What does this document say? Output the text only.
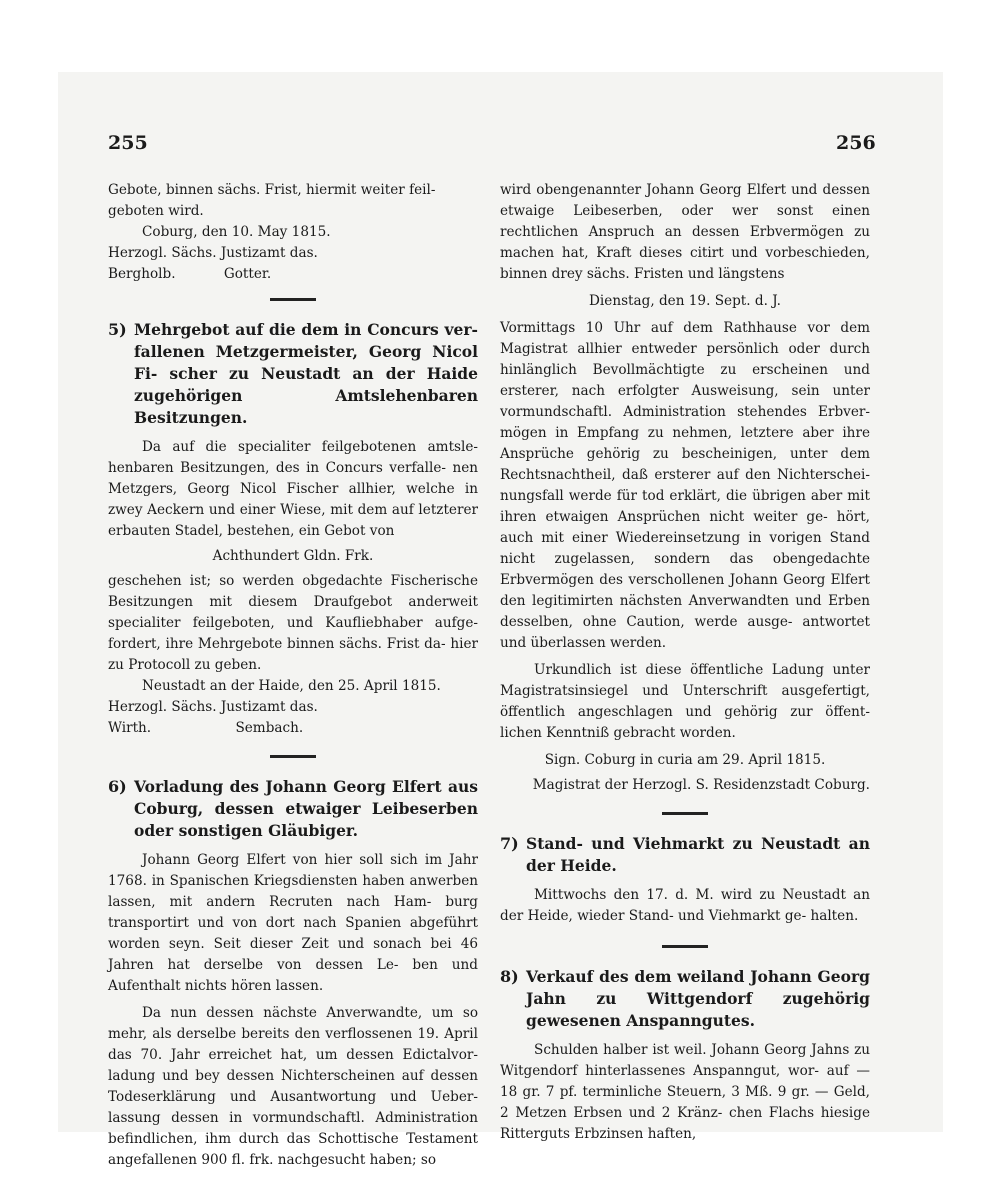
255	256

Gebote, binnen sächs. Frist, hiermit weiter feil-

geboten wird.

Coburg, den 10. May 1815.

Herzogl. Sächs. Justizamt das.

Bergholb.	Gotter.

5) Mehrgebot auf die dem in Concurs ver- fallenen Metzgermeister, Georg Nicol Fi- scher zu Neustadt an der Haide zugehörigen Amtslehenbaren Besitzungen.

Da auf die specialiter feilgebotenen amtsle- henbaren Besitzungen, des in Concurs verfalle- nen Metzgers, Georg Nicol Fischer allhier, welche in zwey Aeckern und einer Wiese, mit dem auf letzterer erbauten Stadel, bestehen, ein Gebot von

Achthundert Gldn. Frk.

geschehen ist; so werden obgedachte Fischerische Besitzungen mit diesem Draufgebot anderweit specialiter feilgeboten, und Kaufliebhaber aufge- fordert, ihre Mehrgebote binnen sächs. Frist da- hier zu Protocoll zu geben.

Neustadt an der Haide, den 25. April 1815.

Herzogl. Sächs. Justizamt das.

Wirth.	Sembach.

6) Vorladung des Johann Georg Elfert aus Coburg, dessen etwaiger Leibeserben oder sonstigen Gläubiger.

Johann Georg Elfert von hier soll sich im Jahr 1768. in Spanischen Kriegsdiensten haben anwerben lassen, mit andern Recruten nach Ham- burg transportirt und von dort nach Spanien abgeführt worden seyn. Seit dieser Zeit und sonach bei 46 Jahren hat derselbe von dessen Le- ben und Aufenthalt nichts hören lassen.

Da nun dessen nächste Anverwandte, um so mehr, als derselbe bereits den verflossenen 19. April das 70. Jahr erreichet hat, um dessen Edictalvor- ladung und bey dessen Nichterscheinen auf dessen Todeserklärung und Ausantwortung und Ueber- lassung dessen in vormundschaftl. Administration befindlichen, ihm durch das Schottische Testament angefallenen 900 fl. frk. nachgesucht haben; so

wird obengenannter Johann Georg Elfert und dessen etwaige Leibeserben, oder wer sonst einen rechtlichen Anspruch an dessen Erbvermögen zu machen hat, Kraft dieses citirt und vorbeschieden, binnen drey sächs. Fristen und längstens

Dienstag, den 19. Sept. d. J.

Vormittags 10 Uhr auf dem Rathhause vor dem Magistrat allhier entweder persönlich oder durch hinlänglich Bevollmächtigte zu erscheinen und ersterer, nach erfolgter Ausweisung, sein unter vormundschaftl. Administration stehendes Erbver- mögen in Empfang zu nehmen, letztere aber ihre Ansprüche gehörig zu bescheinigen, unter dem Rechtsnachtheil, daß ersterer auf den Nichterschei- nungsfall werde für tod erklärt, die übrigen aber mit ihren etwaigen Ansprüchen nicht weiter ge- hört, auch mit einer Wiedereinsetzung in vorigen Stand nicht zugelassen, sondern das obengedachte Erbvermögen des verschollenen Johann Georg Elfert den legitimirten nächsten Anverwandten und Erben desselben, ohne Caution, werde ausge- antwortet und überlassen werden.

Urkundlich ist diese öffentliche Ladung unter Magistratsinsiegel und Unterschrift ausgefertigt, öffentlich angeschlagen und gehörig zur öffent- lichen Kenntniß gebracht worden.

Sign. Coburg in curia am 29. April 1815.

Magistrat der Herzogl. S. Residenzstadt Coburg.

7) Stand- und Viehmarkt zu Neustadt an der Heide.

Mittwochs den 17. d. M. wird zu Neustadt an der Heide, wieder Stand- und Viehmarkt ge- halten.

8) Verkauf des dem weiland Johann Georg Jahn zu Wittgendorf zugehörig gewesenen Anspanngutes.

Schulden halber ist weil. Johann Georg Jahns zu Witgendorf hinterlassenes Anspanngut, wor- auf — 18 gr. 7 pf. terminliche Steuern, 3 Mß. 9 gr. — Geld, 2 Metzen Erbsen und 2 Kränz- chen Flachs hiesige Ritterguts Erbzinsen haften,
